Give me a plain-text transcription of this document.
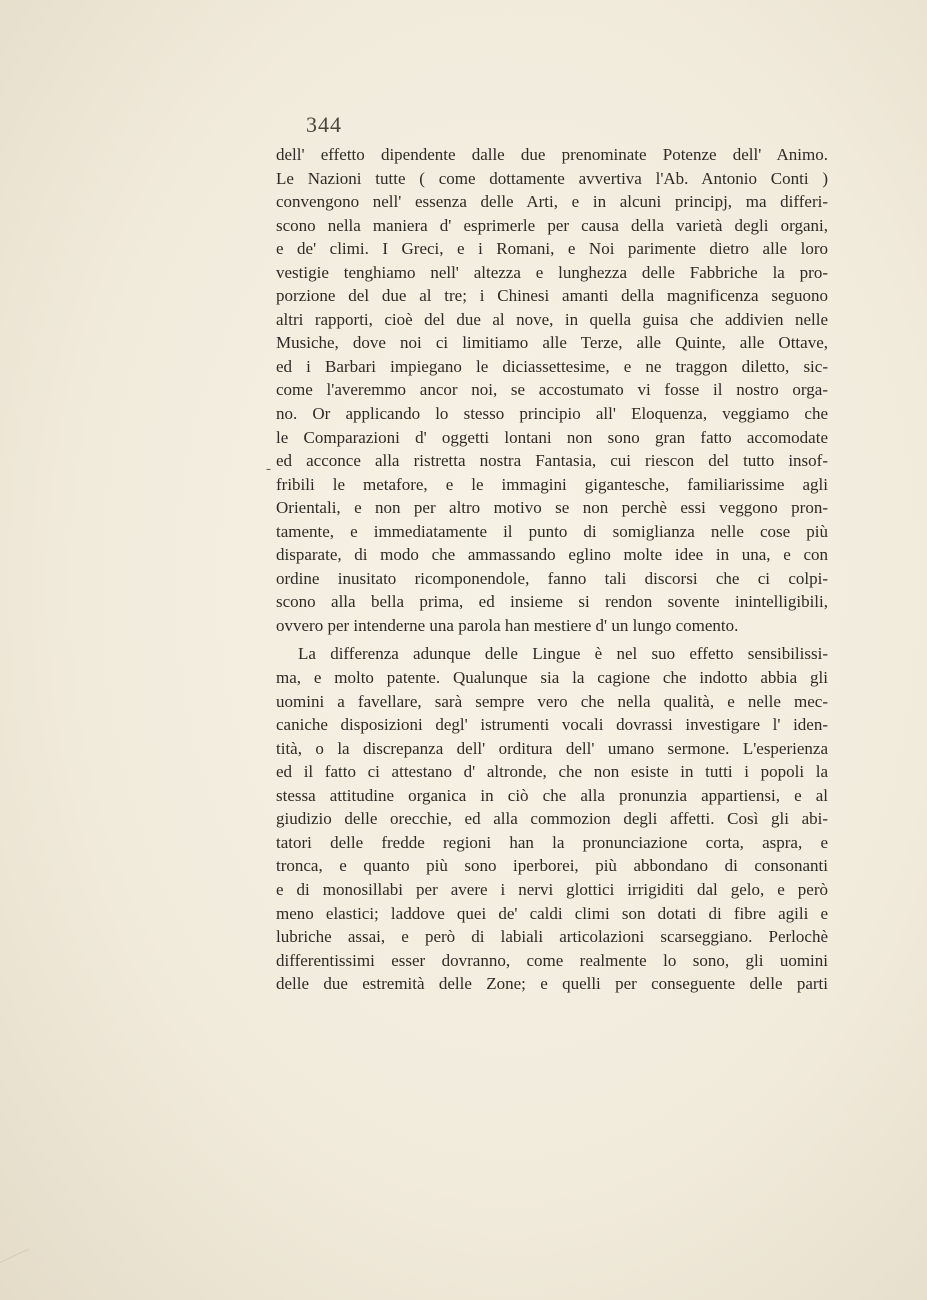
344
-
dell' effetto dipendente dalle due prenominate Potenze dell' Animo.
Le Nazioni tutte ( come dottamente avvertiva l'Ab. Antonio Conti )
convengono nell' essenza delle Arti, e in alcuni principj, ma differi-
scono nella maniera d' esprimerle per causa della varietà degli organi,
e de' climi. I Greci, e i Romani, e Noi parimente dietro alle loro
vestigie tenghiamo nell' altezza e lunghezza delle Fabbriche la pro-
porzione del due al tre; i Chinesi amanti della magnificenza seguono
altri rapporti, cioè del due al nove, in quella guisa che addivien nelle
Musiche, dove noi ci limitiamo alle Terze, alle Quinte, alle Ottave,
ed i Barbari impiegano le diciassettesime, e ne traggon diletto, sic-
come l'averemmo ancor noi, se accostumato vi fosse il nostro orga-
no. Or applicando lo stesso principio all' Eloquenza, veggiamo che
le Comparazioni d' oggetti lontani non sono gran fatto accomodate
ed acconce alla ristretta nostra Fantasia, cui riescon del tutto insof-
fribili le metafore, e le immagini gigantesche, familiarissime agli
Orientali, e non per altro motivo se non perchè essi veggono pron-
tamente, e immediatamente il punto di somiglianza nelle cose più
disparate, di modo che ammassando eglino molte idee in una, e con
ordine inusitato ricomponendole, fanno tali discorsi che ci colpi-
scono alla bella prima, ed insieme si rendon sovente inintelligibili,
ovvero per intenderne una parola han mestiere d' un lungo comento.
La differenza adunque delle Lingue è nel suo effetto sensibilissi-
ma, e molto patente. Qualunque sia la cagione che indotto abbia gli
uomini a favellare, sarà sempre vero che nella qualità, e nelle mec-
caniche disposizioni degl' istrumenti vocali dovrassi investigare l' iden-
tità, o la discrepanza dell' orditura dell' umano sermone. L'esperienza
ed il fatto ci attestano d' altronde, che non esiste in tutti i popoli la
stessa attitudine organica in ciò che alla pronunzia appartiensi, e al
giudizio delle orecchie, ed alla commozion degli affetti. Così gli abi-
tatori delle fredde regioni han la pronunciazione corta, aspra, e
tronca, e quanto più sono iperborei, più abbondano di consonanti
e di monosillabi per avere i nervi glottici irrigiditi dal gelo, e però
meno elastici; laddove quei de' caldi climi son dotati di fibre agili e
lubriche assai, e però di labiali articolazioni scarseggiano. Perlochè
differentissimi esser dovranno, come realmente lo sono, gli uomini
delle due estremità delle Zone; e quelli per conseguente delle parti
